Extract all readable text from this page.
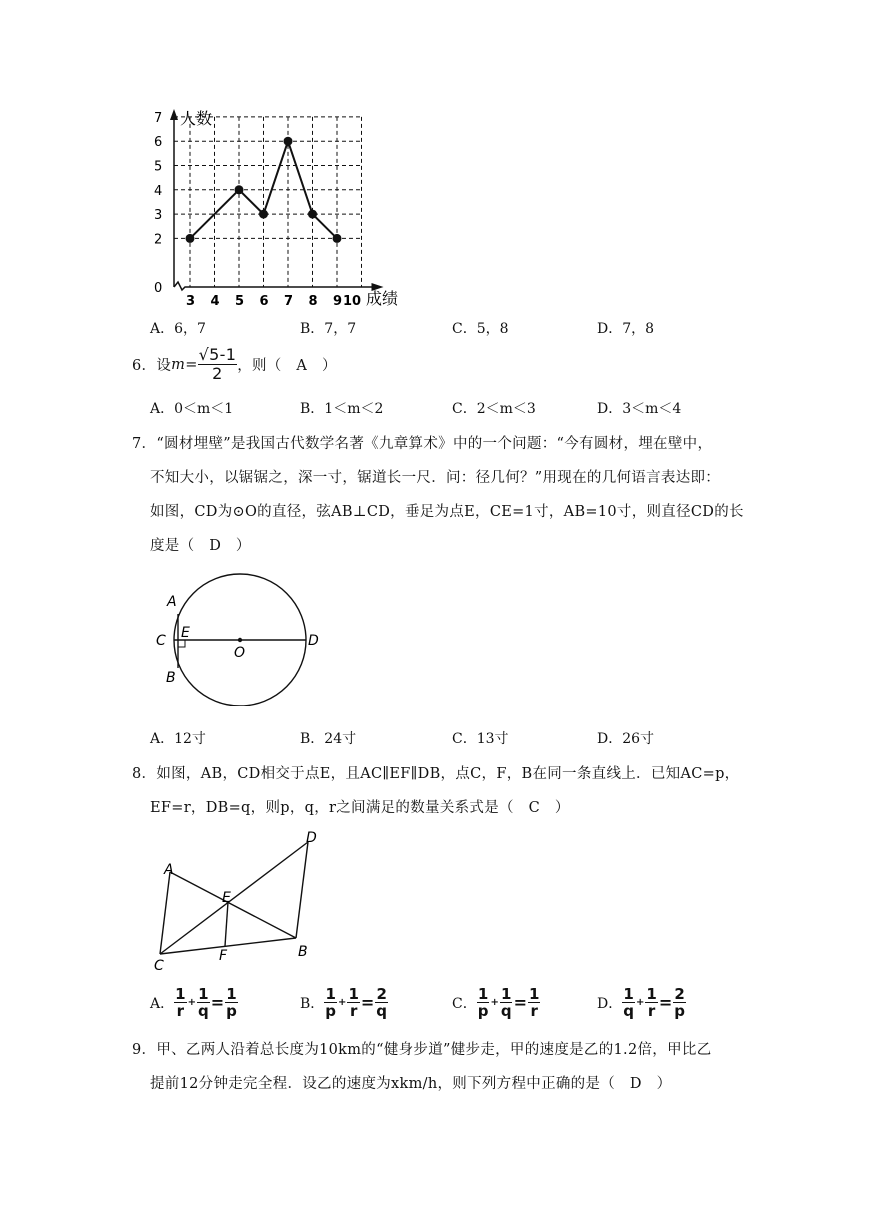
0
2
3
4
5
6
7
3 4 5 6 7 8 9 10
人数
成绩
A．6，7	B．7，7	C．5，8	D．7，8
6．设 $m = \frac{√5-1}{2}$ ，则（　A　）
A．0＜m＜1	B．1＜m＜2	C．2＜m＜3	D．3＜m＜4
7．“圆材埋壁”是我国古代数学名著《九章算术》中的一个问题：“今有圆材，埋在壁中，
不知大小，以锯锯之，深一寸，锯道长一尺．问：径几何？”用现在的几何语言表达即：
如图，CD为⊙O的直径，弦AB⊥CD，垂足为点E，CE=1寸，AB=10寸，则直径CD的长
度是（　D　）
A
B
C	D
E
O
A．12寸	B．24寸	C．13寸	D．26寸
8．如图，AB，CD相交于点E，且AC∥EF∥DB，点C，F，B在同一条直线上．已知AC=p，
EF=r，DB=q，则p，q，r之间满足的数量关系式是（　C　）
A
B
C
D
E
F
A． $\frac{1}{r} + \frac{1}{q} = \frac{1}{p}$	B． $\frac{1}{p} + \frac{1}{r} = \frac{2}{q}$	C． $\frac{1}{p} + \frac{1}{q} = \frac{1}{r}$	D． $\frac{1}{q} + \frac{1}{r} = \frac{2}{p}$
9．甲、乙两人沿着总长度为10km的“健身步道”健步走，甲的速度是乙的1.2倍，甲比乙
提前12分钟走完全程．设乙的速度为xkm/h，则下列方程中正确的是（　D　）
